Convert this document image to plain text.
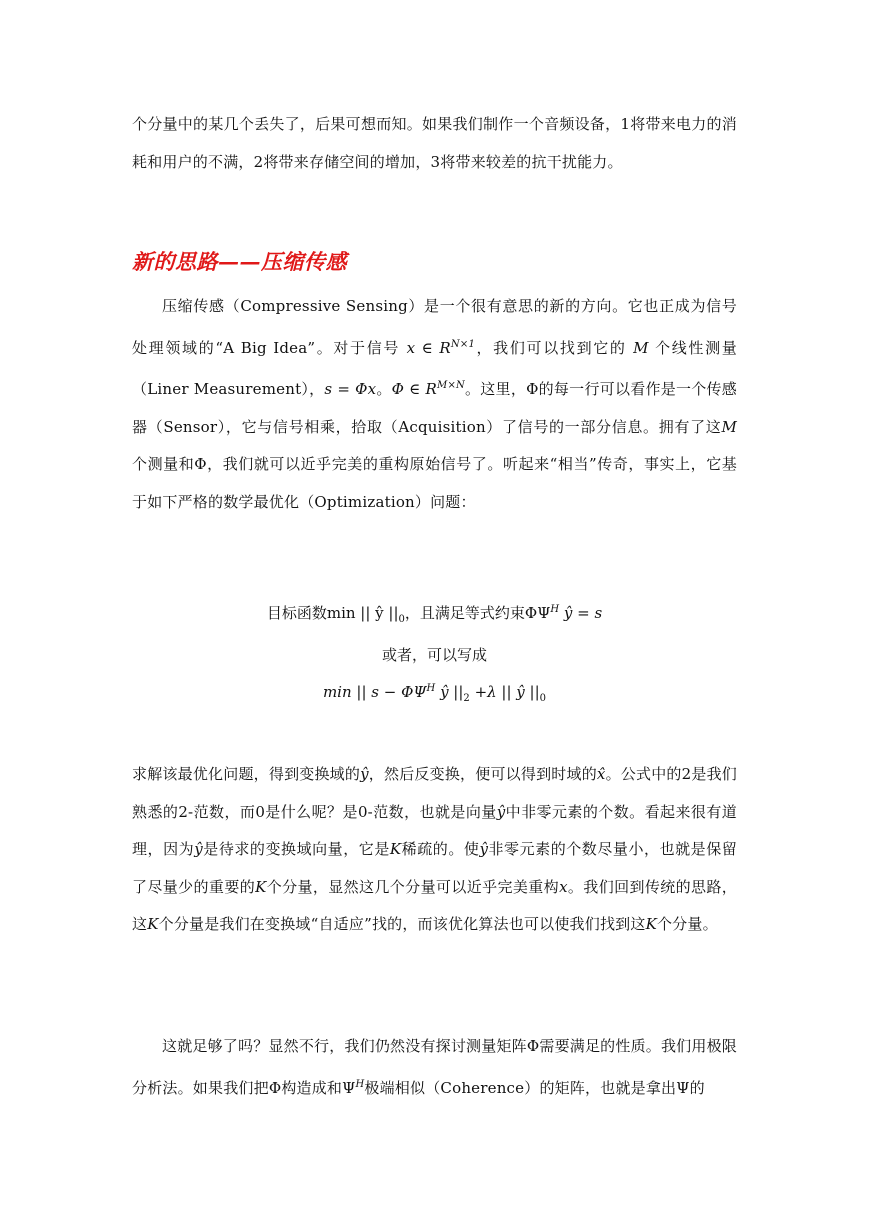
个分量中的某几个丢失了，后果可想而知。如果我们制作一个音频设备，1将带来电力的消耗和用户的不满，2将带来存储空间的增加，3将带来较差的抗干扰能力。

新的思路——压缩传感

压缩传感（Compressive Sensing）是一个很有意思的新的方向。它也正成为信号处理领域的“A Big Idea”。对于信号 x ∈ $R^{N\times 1}$，我们可以找到它的 M 个线性测量（Liner Measurement），s = Φx。Φ ∈ $R^{M\times N}$。这里，Φ的每一行可以看作是一个传感器（Sensor），它与信号相乘，拾取（Acquisition）了信号的一部分信息。拥有了这M 个测量和Φ，我们就可以近乎完美的重构原始信号了。听起来“相当”传奇，事实上，它基于如下严格的数学最优化（Optimization）问题：

目标函数min || ŷ $||_0$，且满足等式约束$\Phi\Psi^H$ ŷ = s

或者，可以写成

min || $s - \Phi\Psi^H$ ŷ $||_2 +\lambda$ || ŷ $||_0$

求解该最优化问题，得到变换域的ŷ，然后反变换，便可以得到时域的x̂。公式中的2是我们熟悉的2-范数，而0是什么呢？是0-范数，也就是向量ŷ中非零元素的个数。看起来很有道理，因为ŷ是待求的变换域向量，它是K稀疏的。使ŷ非零元素的个数尽量小，也就是保留了尽量少的重要的K个分量，显然这几个分量可以近乎完美重构x。我们回到传统的思路，这K个分量是我们在变换域“自适应”找的，而该优化算法也可以使我们找到这K个分量。

这就足够了吗？显然不行，我们仍然没有探讨测量矩阵Φ需要满足的性质。我们用极限分析法。如果我们把Φ构造成和$\Psi^H$极端相似（Coherence）的矩阵，也就是拿出Ψ的
